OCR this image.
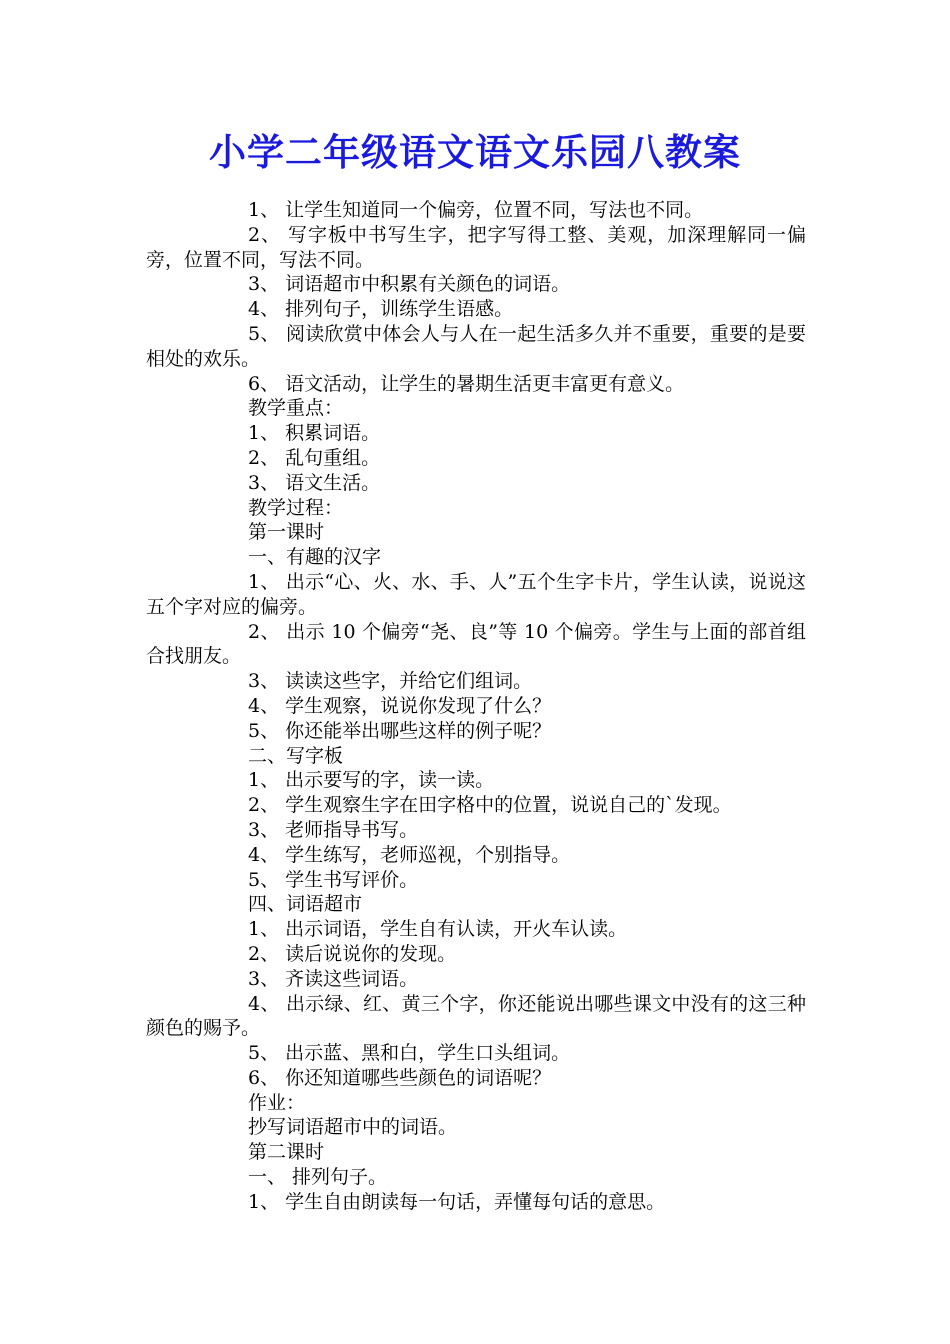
小学二年级语文语文乐园八教案

1、 让学生知道同一个偏旁，位置不同，写法也不同。

2、 写字板中书写生字，把字写得工整、美观，加深理解同一偏旁，位置不同，写法不同。

3、 词语超市中积累有关颜色的词语。

4、 排列句子，训练学生语感。

5、 阅读欣赏中体会人与人在一起生活多久并不重要，重要的是要相处的欢乐。

6、 语文活动，让学生的暑期生活更丰富更有意义。

教学重点：

1、 积累词语。

2、 乱句重组。

3、 语文生活。

教学过程：

第一课时

一、有趣的汉字

1、 出示“心、火、水、手、人”五个生字卡片，学生认读，说说这五个字对应的偏旁。

2、 出示 10 个偏旁“尧、良”等 10 个偏旁。学生与上面的部首组合找朋友。

3、 读读这些字，并给它们组词。

4、 学生观察，说说你发现了什么？

5、 你还能举出哪些这样的例子呢？

二、写字板

1、 出示要写的字，读一读。

2、 学生观察生字在田字格中的位置，说说自己的`发现。

3、 老师指导书写。

4、 学生练写，老师巡视，个别指导。

5、 学生书写评价。

四、词语超市

1、 出示词语，学生自有认读，开火车认读。

2、 读后说说你的发现。

3、 齐读这些词语。

4、 出示绿、红、黄三个字，你还能说出哪些课文中没有的这三种颜色的赐予。

5、 出示蓝、黑和白，学生口头组词。

6、 你还知道哪些些颜色的词语呢？

作业：

抄写词语超市中的词语。

第二课时

一、 排列句子。

1、 学生自由朗读每一句话，弄懂每句话的意思。
